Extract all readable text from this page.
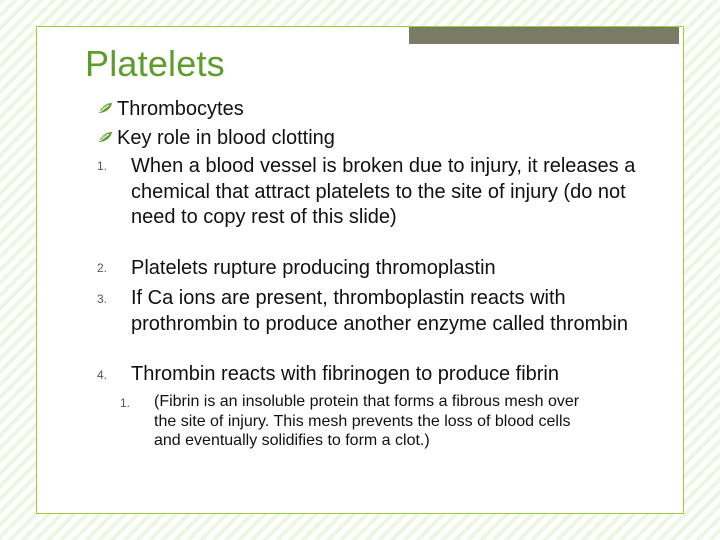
Platelets
Thrombocytes
Key role in blood clotting
1. When a blood vessel is broken due to injury, it releases a chemical that attract platelets to the site of injury (do not need to copy rest of this slide)

2. Platelets rupture producing thromoplastin

3. If Ca ions are present, thromboplastin reacts with prothrombin to produce another enzyme called thrombin

4. Thrombin reacts with fibrinogen to produce fibrin

1. (Fibrin is an insoluble protein that forms a fibrous mesh over the site of injury. This mesh prevents the loss of blood cells and eventually solidifies to form a clot.)
